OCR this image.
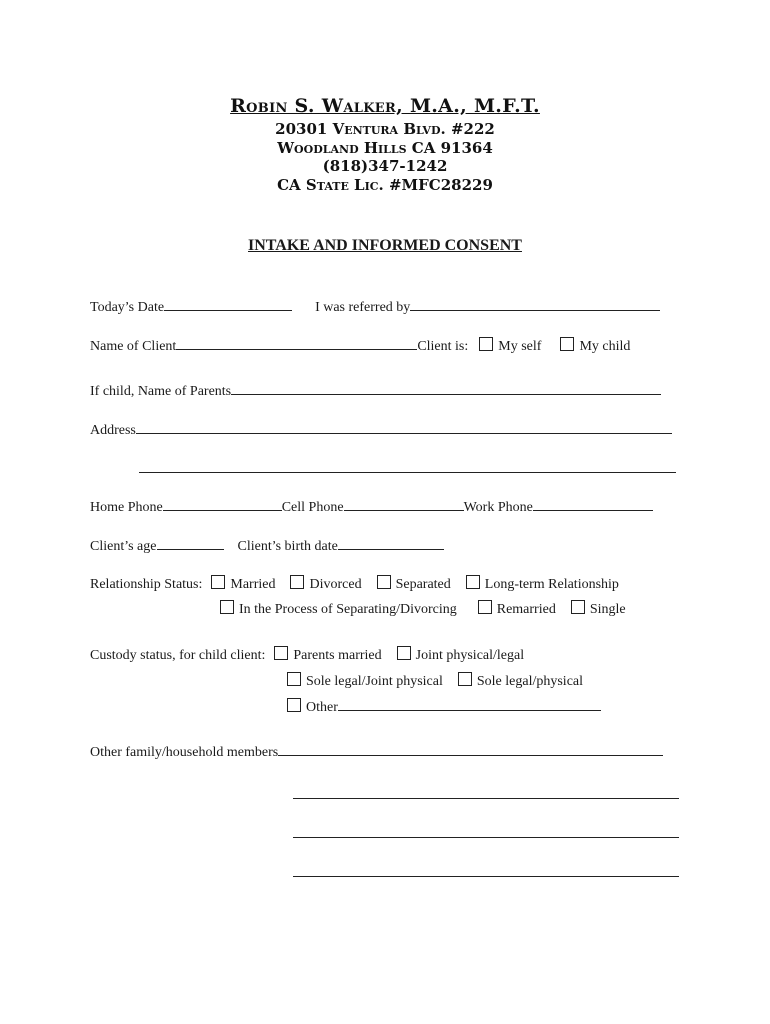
Robin S. Walker, M.A., M.F.T.
20301 Ventura Blvd. #222
Woodland Hills CA 91364
(818)347-1242
CA State Lic. #MFC28229
INTAKE AND INFORMED CONSENT
Today’s Date	I was referred by
Name of Client	Client is: My self	My child
If child, Name of Parents
Address
Home Phone	Cell Phone	Work Phone
Client’s age	Client’s birth date
Relationship Status: Married Divorced Separated Long-term Relationship
In the Process of Separating/Divorcing	Remarried Single
Custody status, for child client: Parents married Joint physical/legal
Sole legal/Joint physical Sole legal/physical
Other
Other family/household members
